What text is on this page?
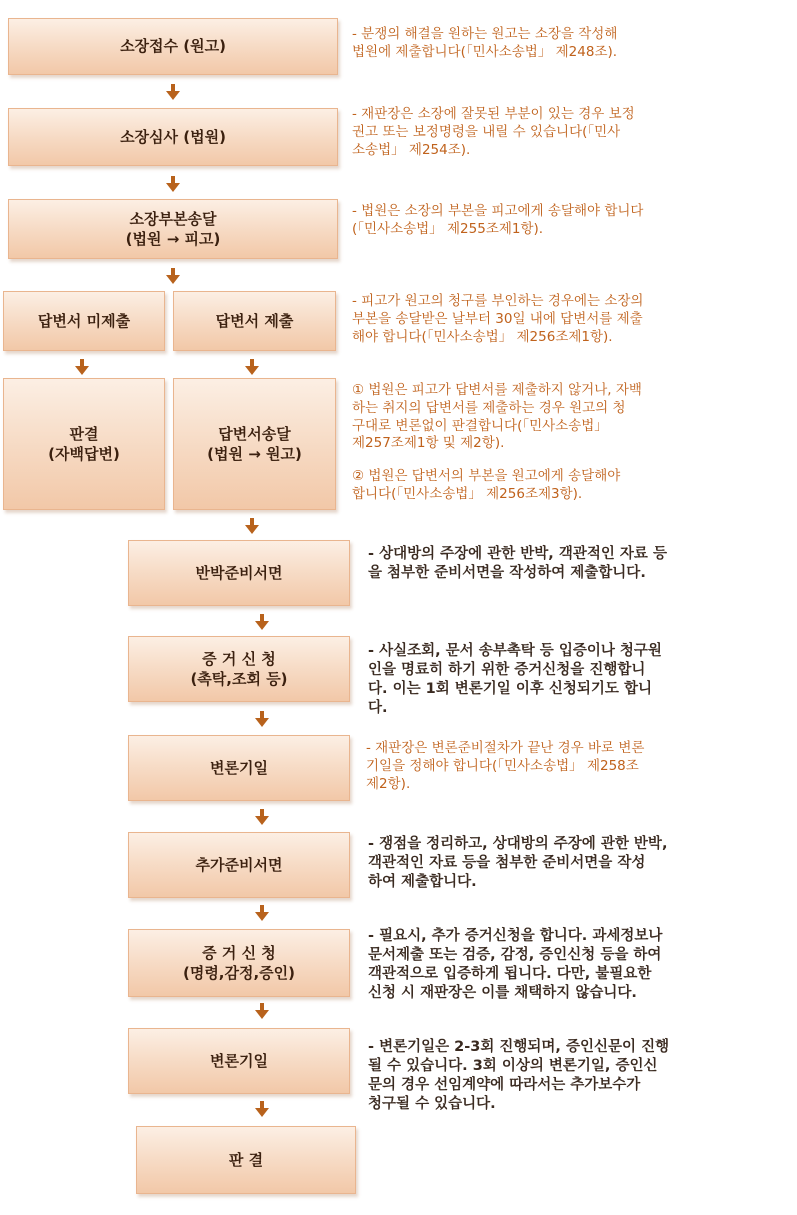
소장접수 (원고)
소장심사 (법원)
소장부본송달
(법원 → 피고)
답변서 미제출	답변서 제출
판결
(자백답변)
답변서송달
(법원 → 원고)
반박준비서면
증 거 신 청
(촉탁,조회 등)
변론기일
추가준비서면
증 거 신 청
(명령,감정,증인)
변론기일
판 결
- 분쟁의 해결을 원하는 원고는 소장을 작성해
법원에 제출합니다(「민사소송법」 제248조).
- 재판장은 소장에 잘못된 부분이 있는 경우 보정
권고 또는 보정명령을 내릴 수 있습니다(「민사
소송법」 제254조).
- 법원은 소장의 부본을 피고에게 송달해야 합니다
(「민사소송법」 제255조제1항).
- 피고가 원고의 청구를 부인하는 경우에는 소장의
부본을 송달받은 날부터 30일 내에 답변서를 제출
해야 합니다(「민사소송법」 제256조제1항).
① 법원은 피고가 답변서를 제출하지 않거나, 자백
하는 취지의 답변서를 제출하는 경우 원고의 청
구대로 변론없이 판결합니다(「민사소송법」
제257조제1항 및 제2항).
② 법원은 답변서의 부본을 원고에게 송달해야
합니다(「민사소송법」 제256조제3항).
- 상대방의 주장에 관한 반박, 객관적인 자료 등
을 첨부한 준비서면을 작성하여 제출합니다.
- 사실조회, 문서 송부촉탁 등 입증이나 청구원
인을 명료히 하기 위한 증거신청을 진행합니
다. 이는 1회 변론기일 이후 신청되기도 합니
다.
- 재판장은 변론준비절차가 끝난 경우 바로 변론
기일을 정해야 합니다(「민사소송법」 제258조
제2항).
- 쟁점을 정리하고, 상대방의 주장에 관한 반박,
객관적인 자료 등을 첨부한 준비서면을 작성
하여 제출합니다.
- 필요시, 추가 증거신청을 합니다. 과세정보나
문서제출 또는 검증, 감정, 증인신청 등을 하여
객관적으로 입증하게 됩니다. 다만, 불필요한
신청 시 재판장은 이를 채택하지 않습니다.
- 변론기일은 2-3회 진행되며, 증인신문이 진행
될 수 있습니다. 3회 이상의 변론기일, 증인신
문의 경우 선임계약에 따라서는 추가보수가
청구될 수 있습니다.
